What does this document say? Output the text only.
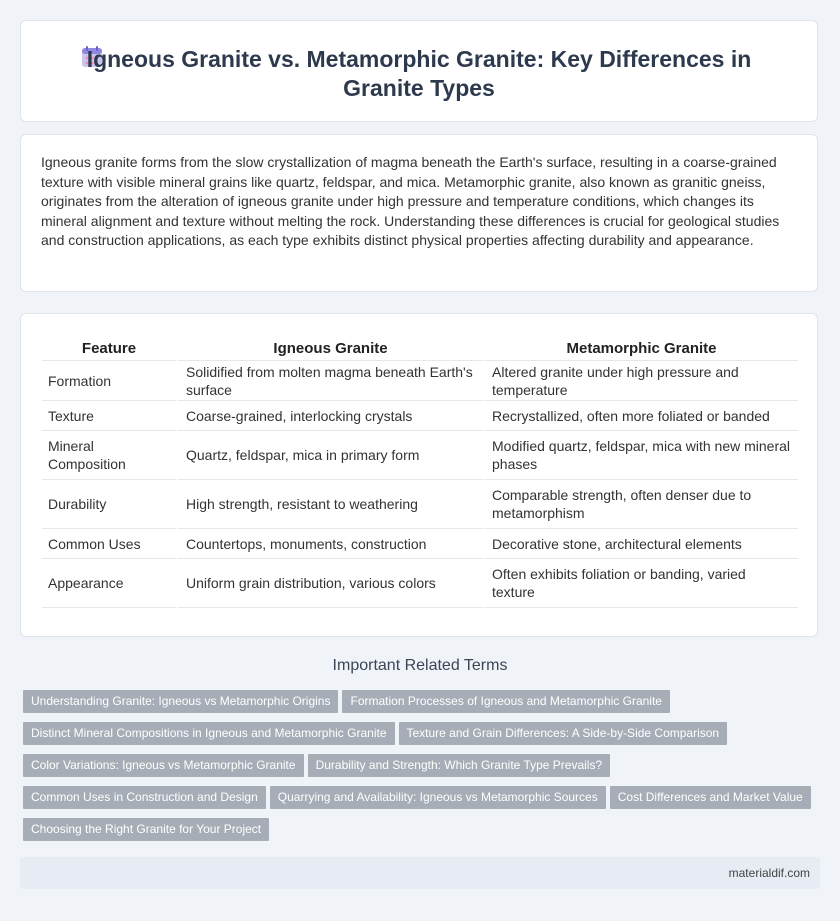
Igneous Granite vs. Metamorphic Granite: Key Differences in Granite Types

Igneous granite forms from the slow crystallization of magma beneath the Earth's surface, resulting in a coarse-grained texture with visible mineral grains like quartz, feldspar, and mica. Metamorphic granite, also known as granitic gneiss, originates from the alteration of igneous granite under high pressure and temperature conditions, which changes its mineral alignment and texture without melting the rock. Understanding these differences is crucial for geological studies and construction applications, as each type exhibits distinct physical properties affecting durability and appearance.

Feature	Igneous Granite	Metamorphic Granite
Formation	Solidified from molten magma beneath Earth's surface	Altered granite under high pressure and temperature
Texture	Coarse-grained, interlocking crystals	Recrystallized, often more foliated or banded
Mineral Composition	Quartz, feldspar, mica in primary form	Modified quartz, feldspar, mica with new mineral phases
Durability	High strength, resistant to weathering	Comparable strength, often denser due to metamorphism
Common Uses	Countertops, monuments, construction	Decorative stone, architectural elements
Appearance	Uniform grain distribution, various colors	Often exhibits foliation or banding, varied texture
Important Related Terms
Understanding Granite: Igneous vs Metamorphic Origins Formation Processes of Igneous and Metamorphic Granite
Distinct Mineral Compositions in Igneous and Metamorphic Granite Texture and Grain Differences: A Side-by-Side Comparison
Color Variations: Igneous vs Metamorphic Granite Durability and Strength: Which Granite Type Prevails?
Common Uses in Construction and Design Quarrying and Availability: Igneous vs Metamorphic Sources Cost Differences and Market Value
Choosing the Right Granite for Your Project
materialdif.com
